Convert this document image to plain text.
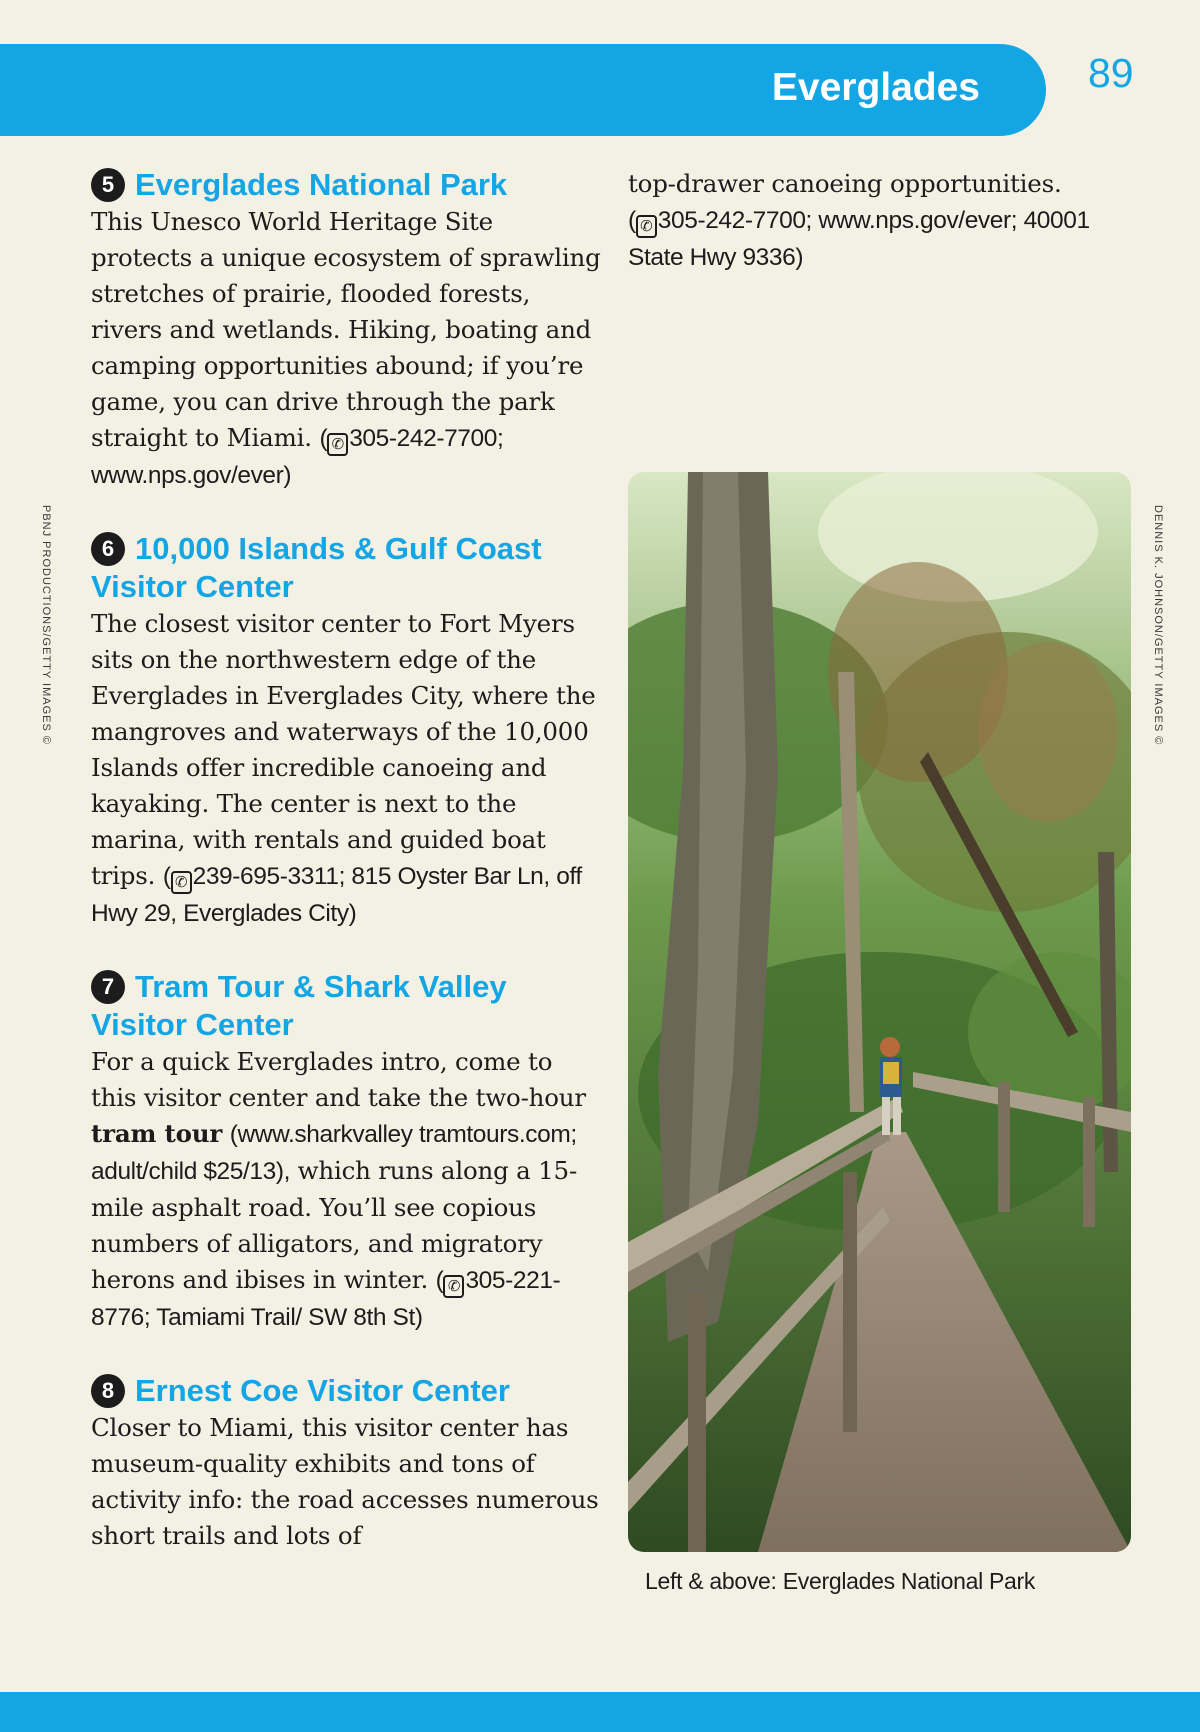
Everglades	89
5 Everglades National Park

This Unesco World Heritage Site protects a unique ecosystem of sprawling stretches of prairie, flooded forests, rivers and wetlands. Hiking, boating and camping opportunities abound; if you’re game, you can drive through the park straight to Miami. ( ✆ 305-242-7700; www.nps.gov/ever)

6 10,000 Islands & Gulf Coast Visitor Center

The closest visitor center to Fort Myers sits on the northwestern edge of the Everglades in Everglades City, where the mangroves and waterways of the 10,000 Islands offer incredible canoeing and kayaking. The center is next to the marina, with rentals and guided boat trips. ( ✆ 239-695-3311; 815 Oyster Bar Ln, off Hwy 29, Everglades City)

7 Tram Tour & Shark Valley Visitor Center

For a quick Everglades intro, come to this visitor center and take the two-hour tram tour (www.sharkvalley tramtours.com; adult/child $25/13), which runs along a 15-mile asphalt road. You’ll see copious numbers of alligators, and migratory herons and ibises in winter. ( ✆ 305-221-8776; Tamiami Trail/ SW 8th St)

8 Ernest Coe Visitor Center

Closer to Miami, this visitor center has museum-quality exhibits and tons of activity info: the road accesses numerous short trails and lots of

top-drawer canoeing opportunities.
( ✆ 305-242-7700; www.nps.gov/ever; 40001 State Hwy 9336)

Left & above: Everglades National Park
PBNJ PRODUCTIONS/GETTY IMAGES ©	DENNIS K. JOHNSON/GETTY IMAGES ©
